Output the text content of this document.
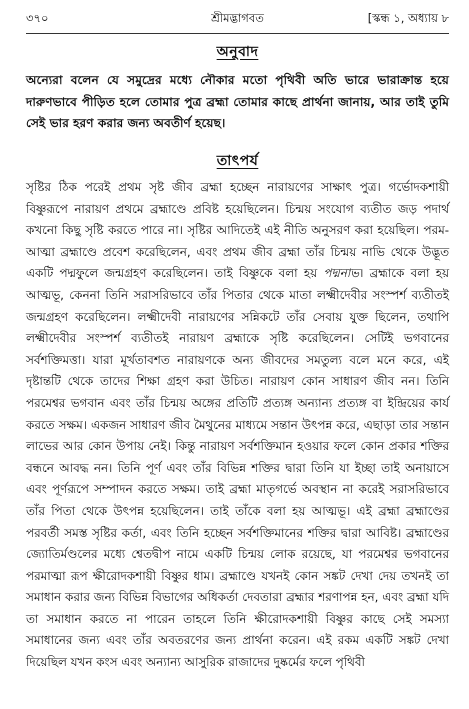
৩৭০	শ্রীমদ্ভাগবত	[স্কন্ধ ১, অধ্যায় ৮
অনুবাদ

অন্যেরা বলেন যে সমুদ্রের মধ্যে নৌকার মতো পৃথিবী অতি ভারে ভারাক্রান্ত হয়ে দারুণভাবে পীড়িত হলে তোমার পুত্র ব্রহ্মা তোমার কাছে প্রার্থনা জানায়, আর তাই তুমি সেই ভার হরণ করার জন্য অবতীর্ণ হয়েছ।

তাৎপর্য

সৃষ্টির ঠিক পরেই প্রথম সৃষ্ট জীব ব্রহ্মা হচ্ছেন নারায়ণের সাক্ষাৎ পুত্র। গর্ভোদকশায়ী বিষ্ণুরূপে নারায়ণ প্রথমে ব্রহ্মাণ্ডে প্রবিষ্ট হয়েছিলেন। চিন্ময় সংযোগ ব্যতীত জড় পদার্থ কখনো কিছু সৃষ্টি করতে পারে না। সৃষ্টির আদিতেই এই নীতি অনুসরণ করা হয়েছিল। পরম-আত্মা ব্রহ্মাণ্ডে প্রবেশ করেছিলেন, এবং প্রথম জীব ব্রহ্মা তাঁর চিন্ময় নাভি থেকে উদ্ভূত একটি পদ্মফুলে জন্মগ্রহণ করেছিলেন। তাই বিষ্ণুকে বলা হয় পদ্মনাভ। ব্রহ্মাকে বলা হয় আত্মভূ, কেননা তিনি সরাসরিভাবে তাঁর পিতার থেকে মাতা লক্ষ্মীদেবীর সংস্পর্শ ব্যতীতই জন্মগ্রহণ করেছিলেন। লক্ষ্মীদেবী নারায়ণের সন্নিকটে তাঁর সেবায় যুক্ত ছিলেন, তথাপি লক্ষ্মীদেবীর সংস্পর্শ ব্যতীতই নারায়ণ ব্রহ্মাকে সৃষ্টি করেছিলেন। সেটিই ভগবানের সর্বশক্তিমত্তা। যারা মূর্খতাবশত নারায়ণকে অন্য জীবদের সমতুল্য বলে মনে করে, এই দৃষ্টান্তটি থেকে তাদের শিক্ষা গ্রহণ করা উচিত। নারায়ণ কোন সাধারণ জীব নন। তিনি পরমেশ্বর ভগবান এবং তাঁর চিন্ময় অঙ্গের প্রতিটি প্রত্যঙ্গ অন্যান্য প্রত্যঙ্গ বা ইন্দ্রিয়ের কার্য করতে সক্ষম। একজন সাধারণ জীব মৈথুনের মাধ্যমে সন্তান উৎপন্ন করে, এছাড়া তার সন্তান লাভের আর কোন উপায় নেই। কিন্তু নারায়ণ সর্বশক্তিমান হওয়ার ফলে কোন প্রকার শক্তির বন্ধনে আবদ্ধ নন। তিনি পূর্ণ এবং তাঁর বিভিন্ন শক্তির দ্বারা তিনি যা ইচ্ছা তাই অনায়াসে এবং পূর্ণরূপে সম্পাদন করতে সক্ষম। তাই ব্রহ্মা মাতৃগর্ভে অবস্থান না করেই সরাসরিভাবে তাঁর পিতা থেকে উৎপন্ন হয়েছিলেন। তাই তাঁকে বলা হয় আত্মভূ। এই ব্রহ্মা ব্রহ্মাণ্ডের পরবর্তী সমস্ত সৃষ্টির কর্তা, এবং তিনি হচ্ছেন সর্বশক্তিমানের শক্তির দ্বারা আবিষ্ট। ব্রহ্মাণ্ডের জ্যোতির্মণ্ডলের মধ্যে শ্বেতদ্বীপ নামে একটি চিন্ময় লোক রয়েছে, যা পরমেশ্বর ভগবানের পরমাত্মা রূপ ক্ষীরোদকশায়ী বিষ্ণুর ধাম। ব্রহ্মাণ্ডে যখনই কোন সঙ্কট দেখা দেয় তখনই তা সমাধান করার জন্য বিভিন্ন বিভাগের অধিকর্তা দেবতারা ব্রহ্মার শরণাপন্ন হন, এবং ব্রহ্মা যদি তা সমাধান করতে না পারেন তাহলে তিনি ক্ষীরোদকশায়ী বিষ্ণুর কাছে সেই সমস্যা সমাধানের জন্য এবং তাঁর অবতরণের জন্য প্রার্থনা করেন। এই রকম একটি সঙ্কট দেখা দিয়েছিল যখন কংস এবং অন্যান্য আসুরিক রাজাদের দুষ্কর্মের ফলে পৃথিবী
